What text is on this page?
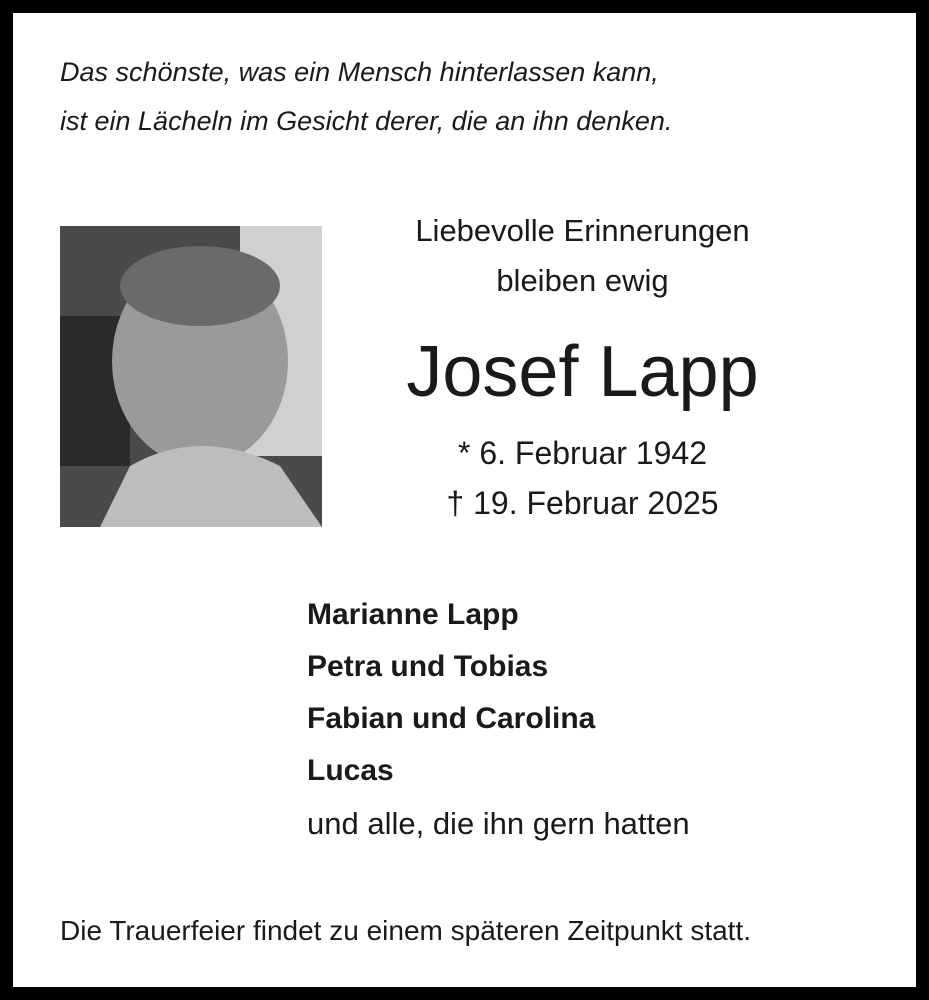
Das schönste, was ein Mensch hinterlassen kann,
ist ein Lächeln im Gesicht derer, die an ihn denken.
Liebevolle Erinnerungen
bleiben ewig
Josef Lapp
* 6. Februar 1942
† 19. Februar 2025
Marianne Lapp
Petra und Tobias
Fabian und Carolina
Lucas
und alle, die ihn gern hatten
Die Trauerfeier findet zu einem späteren Zeitpunkt statt.
